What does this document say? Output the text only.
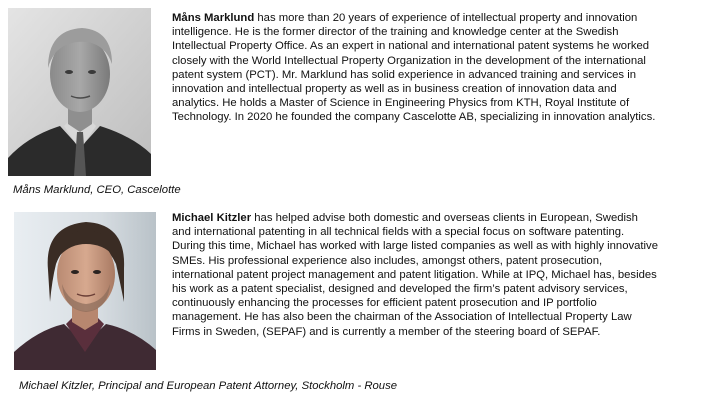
Måns Marklund has more than 20 years of experience of intellectual property and innovation intelligence. He is the former director of the training and knowledge center at the Swedish Intellectual Property Office. As an expert in national and international patent systems he worked closely with the World Intellectual Property Organization in the development of the international patent system (PCT). Mr. Marklund has solid experience in advanced training and services in innovation and intellectual property as well as in business creation of innovation data and analytics. He holds a Master of Science in Engineering Physics from KTH, Royal Institute of Technology. In 2020 he founded the company Cascelotte AB, specializing in innovation analytics.

Måns Marklund, CEO, Cascelotte

Michael Kitzler has helped advise both domestic and overseas clients in European, Swedish and international patenting in all technical fields with a special focus on software patenting. During this time, Michael has worked with large listed companies as well as with highly innovative SMEs. His professional experience also includes, amongst others, patent prosecution, international patent project management and patent litigation. While at IPQ, Michael has, besides his work as a patent specialist, designed and developed the firm’s patent advisory services, continuously enhancing the processes for efficient patent prosecution and IP portfolio management. He has also been the chairman of the Association of Intellectual Property Law Firms in Sweden, (SEPAF) and is currently a member of the steering board of SEPAF.

Michael Kitzler, Principal and European Patent Attorney, Stockholm - Rouse
